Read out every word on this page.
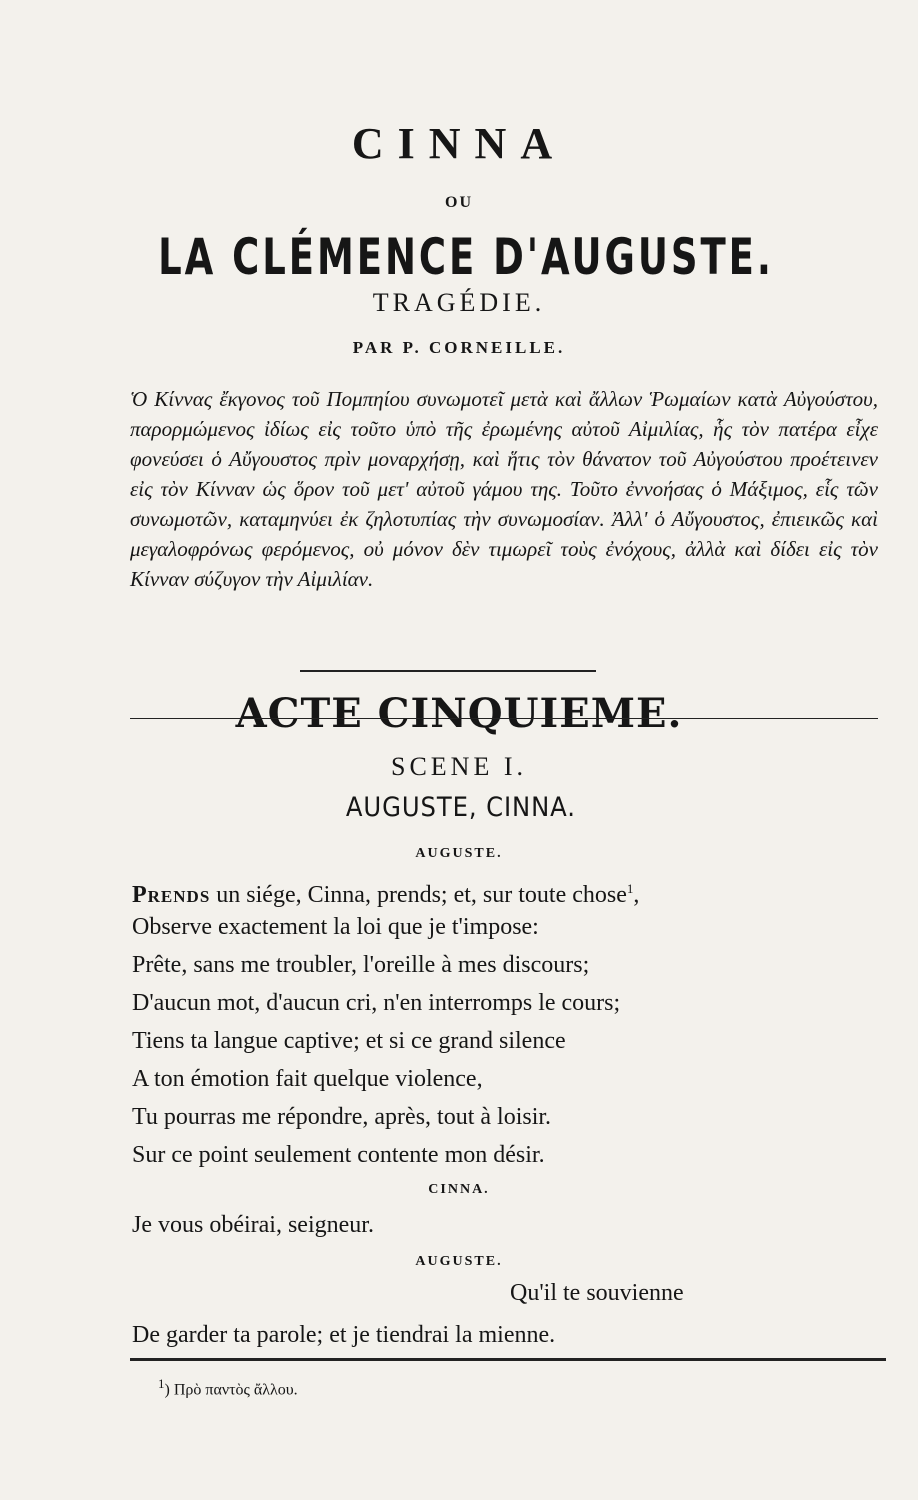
CINNA
OU
LA CLÉMENCE D'AUGUSTE.
TRAGÉDIE.
PAR P. CORNEILLE.
Ὁ Κίννας ἔκγονος τοῦ Πομπηίου συνωμοτεῖ μετὰ καὶ ἄλλων Ῥωμαίων κατὰ Αὐγούστου, παρορμώμενος ἰδίως εἰς τοῦτο ὑπὸ τῆς ἐρωμένης αὐτοῦ Αἰμιλίας, ἧς τὸν πατέρα εἶχε φονεύσει ὁ Αὔγουστος πρὶν μοναρχήσῃ, καὶ ἥτις τὸν θάνατον τοῦ Αὐγούστου προέτεινεν εἰς τὸν Κίνναν ὡς ὅρον τοῦ μετ' αὐτοῦ γάμου της. Τοῦτο ἐννοήσας ὁ Μάξιμος, εἷς τῶν συνωμοτῶν, καταμηνύει ἐκ ζηλοτυπίας τὴν συνωμοσίαν. Ἀλλ' ὁ Αὔγουστος, ἐπιεικῶς καὶ μεγαλοφρόνως φερόμενος, οὐ μόνον δὲν τιμωρεῖ τοὺς ἐνόχους, ἀλλὰ καὶ δίδει εἰς τὸν Κίνναν σύζυγον τὴν Αἰμιλίαν.
ACTE CINQUIEME.
SCENE I.
AUGUSTE, CINNA.
AUGUSTE.
Prends un siége, Cinna, prends; et, sur toute chose$^1$,
Observe exactement la loi que je t'impose:
Prête, sans me troubler, l'oreille à mes discours;
D'aucun mot, d'aucun cri, n'en interromps le cours;
Tiens ta langue captive; et si ce grand silence
A ton émotion fait quelque violence,
Tu pourras me répondre, après, tout à loisir.
Sur ce point seulement contente mon désir.
CINNA.
Je vous obéirai, seigneur.
AUGUSTE.
Qu'il te souvienne
De garder ta parole; et je tiendrai la mienne.
$^1$) Πρὸ παντὸς ἄλλου.
